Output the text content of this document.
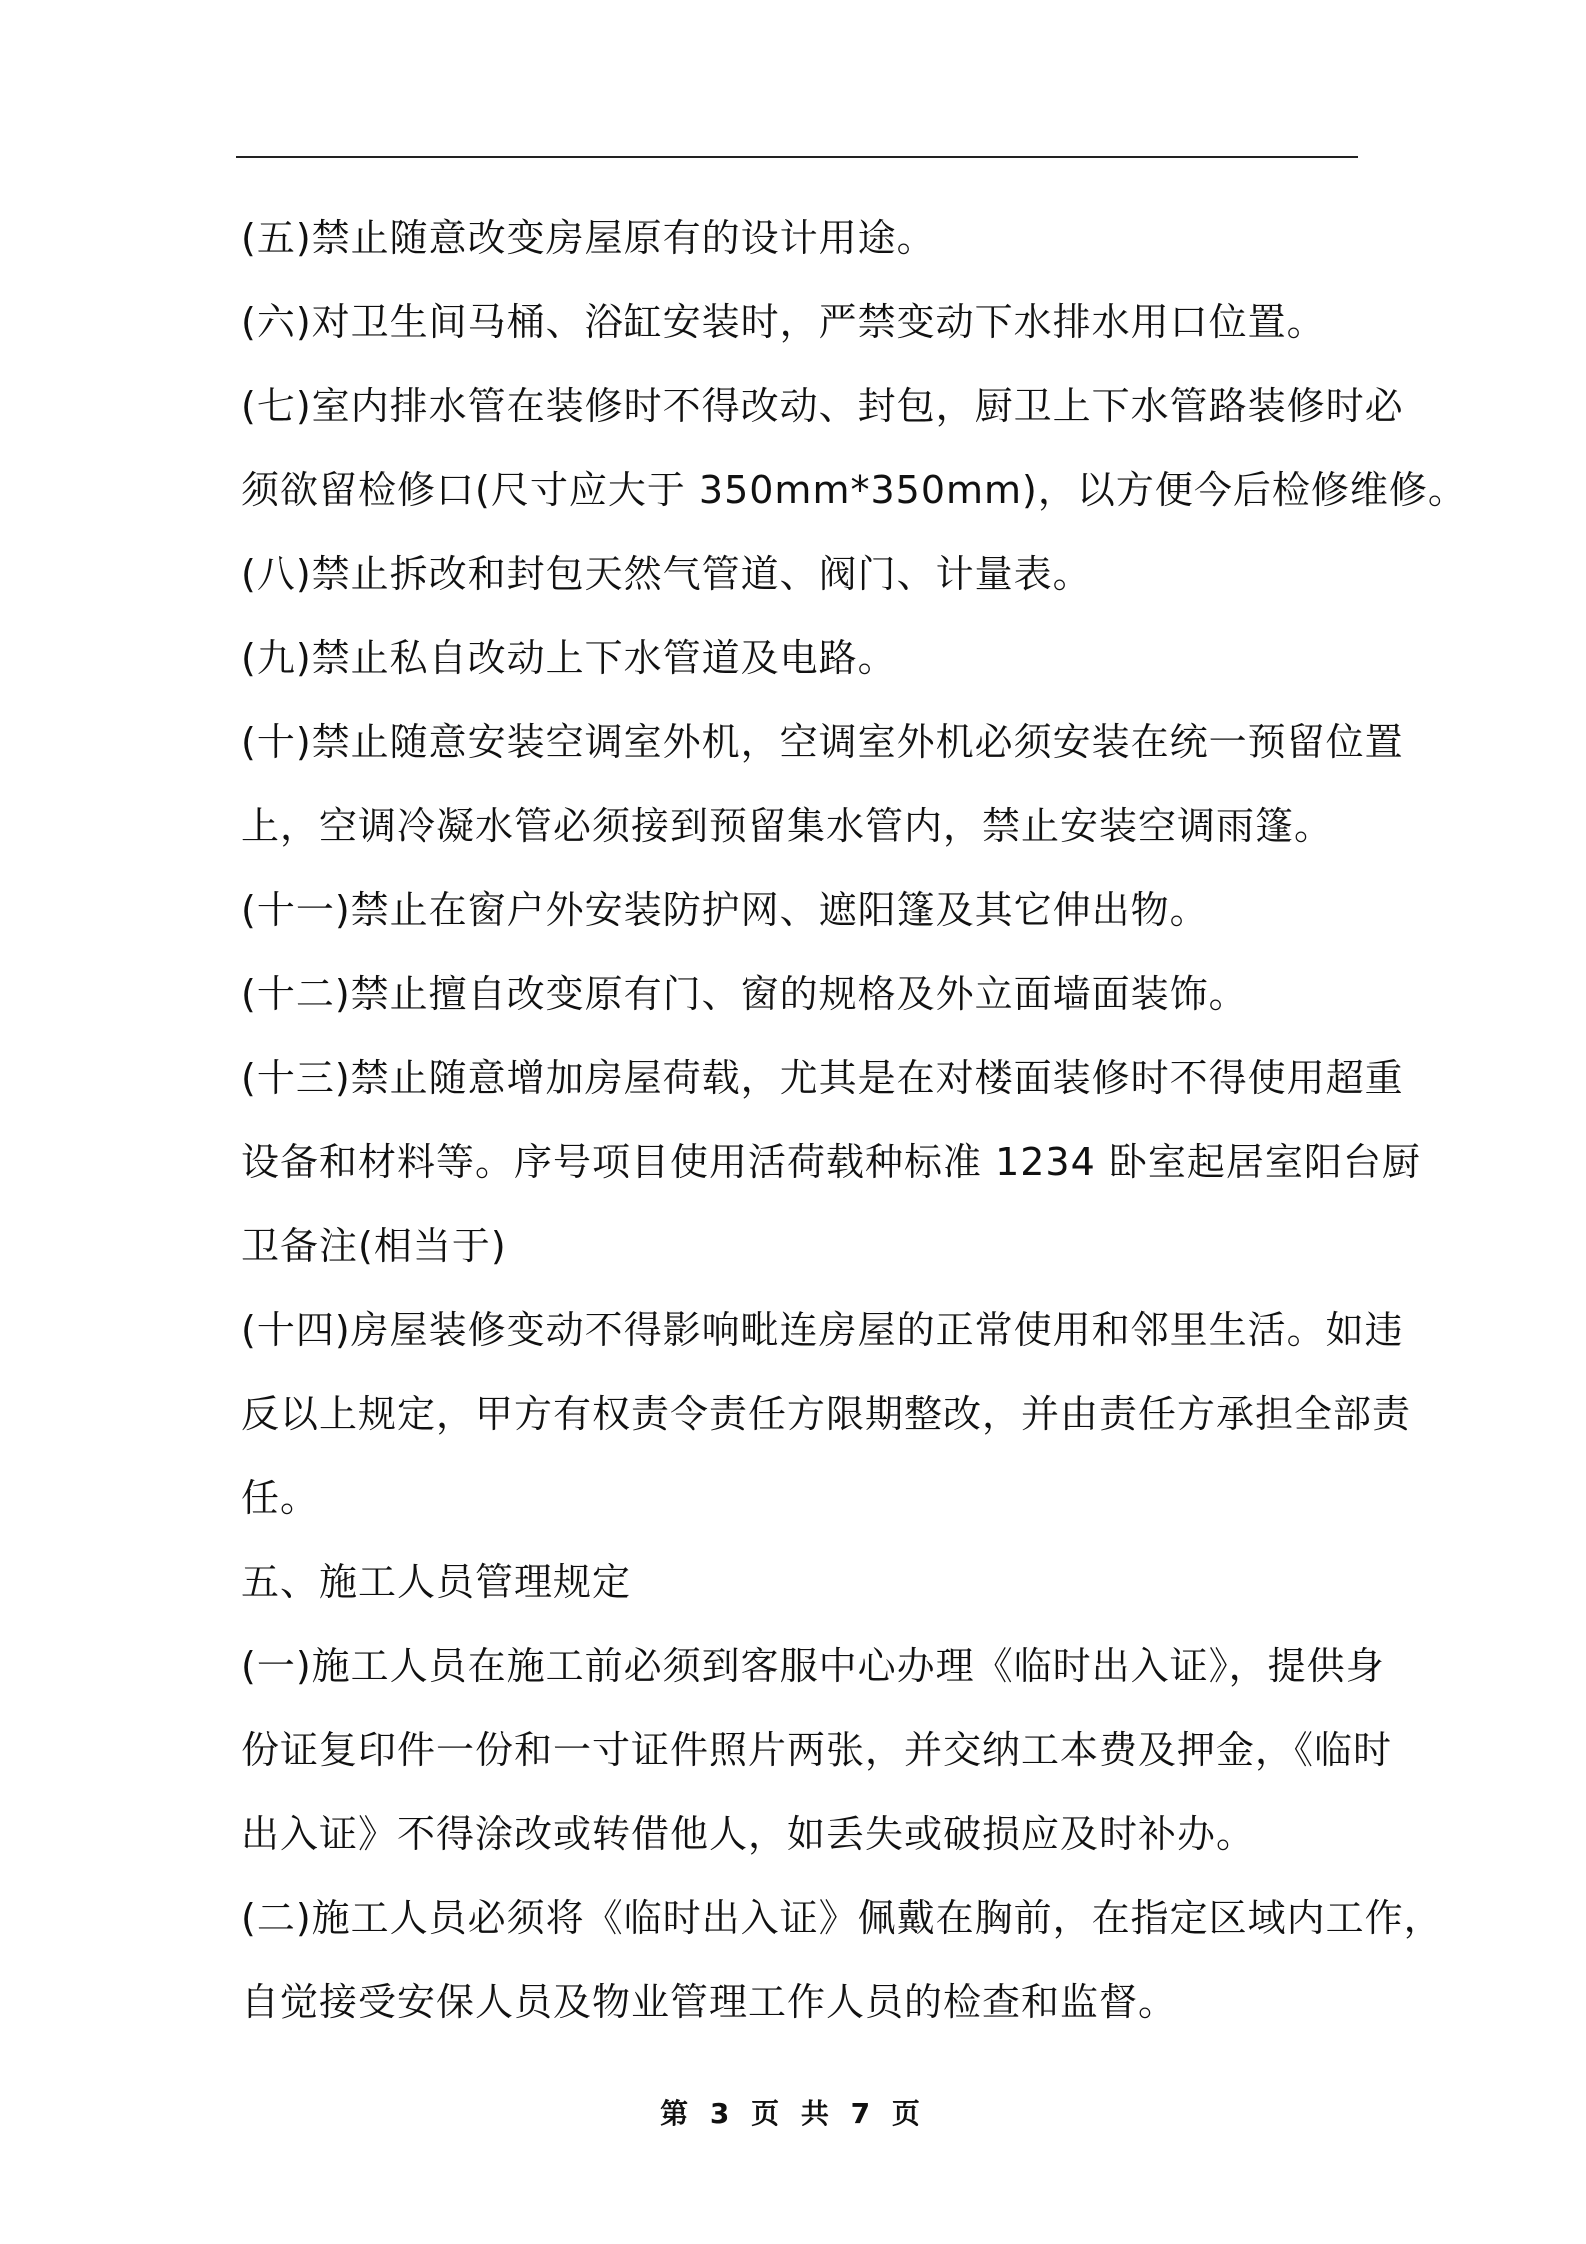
(五)禁止随意改变房屋原有的设计用途。
(六)对卫生间马桶、浴缸安装时，严禁变动下水排水用口位置。
(七)室内排水管在装修时不得改动、封包，厨卫上下水管路装修时必
须欲留检修口(尺寸应大于 350mm*350mm)，以方便今后检修维修。
(八)禁止拆改和封包天然气管道、阀门、计量表。
(九)禁止私自改动上下水管道及电路。
(十)禁止随意安装空调室外机，空调室外机必须安装在统一预留位置
上，空调冷凝水管必须接到预留集水管内，禁止安装空调雨篷。
(十一)禁止在窗户外安装防护网、遮阳篷及其它伸出物。
(十二)禁止擅自改变原有门、窗的规格及外立面墙面装饰。
(十三)禁止随意增加房屋荷载，尤其是在对楼面装修时不得使用超重
设备和材料等。序号项目使用活荷载种标准 1234 卧室起居室阳台厨
卫备注(相当于)
(十四)房屋装修变动不得影响毗连房屋的正常使用和邻里生活。如违
反以上规定，甲方有权责令责任方限期整改，并由责任方承担全部责
任。
五、施工人员管理规定
(一)施工人员在施工前必须到客服中心办理《临时出入证》，提供身
份证复印件一份和一寸证件照片两张，并交纳工本费及押金，《临时
出入证》不得涂改或转借他人，如丢失或破损应及时补办。
(二)施工人员必须将《临时出入证》佩戴在胸前，在指定区域内工作，
自觉接受安保人员及物业管理工作人员的检查和监督。
第 3 页 共 7 页
